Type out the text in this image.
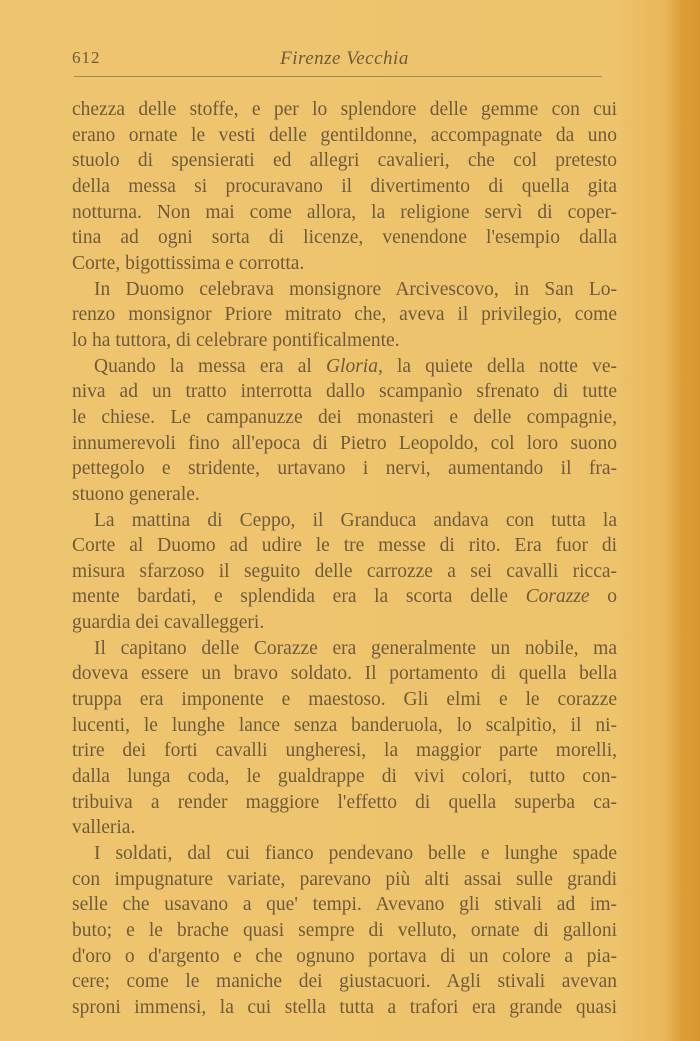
612	Firenze Vecchia
chezza delle stoffe, e per lo splendore delle gemme con cui
erano ornate le vesti delle gentildonne, accompagnate da uno
stuolo di spensierati ed allegri cavalieri, che col pretesto
della messa si procuravano il divertimento di quella gita
notturna. Non mai come allora, la religione servì di coper-
tina ad ogni sorta di licenze, venendone l'esempio dalla
Corte, bigottissima e corrotta.
In Duomo celebrava monsignore Arcivescovo, in San Lo-
renzo monsignor Priore mitrato che, aveva il privilegio, come
lo ha tuttora, di celebrare pontificalmente.
Quando la messa era al Gloria, la quiete della notte ve-
niva ad un tratto interrotta dallo scampanìo sfrenato di tutte
le chiese. Le campanuzze dei monasteri e delle compagnie,
innumerevoli fino all'epoca di Pietro Leopoldo, col loro suono
pettegolo e stridente, urtavano i nervi, aumentando il fra-
stuono generale.
La mattina di Ceppo, il Granduca andava con tutta la
Corte al Duomo ad udire le tre messe di rito. Era fuor di
misura sfarzoso il seguito delle carrozze a sei cavalli ricca-
mente bardati, e splendida era la scorta delle Corazze o
guardia dei cavalleggeri.
Il capitano delle Corazze era generalmente un nobile, ma
doveva essere un bravo soldato. Il portamento di quella bella
truppa era imponente e maestoso. Gli elmi e le corazze
lucenti, le lunghe lance senza banderuola, lo scalpitìo, il ni-
trire dei forti cavalli ungheresi, la maggior parte morelli,
dalla lunga coda, le gualdrappe di vivi colori, tutto con-
tribuiva a render maggiore l'effetto di quella superba ca-
valleria.
I soldati, dal cui fianco pendevano belle e lunghe spade
con impugnature variate, parevano più alti assai sulle grandi
selle che usavano a que' tempi. Avevano gli stivali ad im-
buto; e le brache quasi sempre di velluto, ornate di galloni
d'oro o d'argento e che ognuno portava di un colore a pia-
cere; come le maniche dei giustacuori. Agli stivali avevan
sproni immensi, la cui stella tutta a trafori era grande quasi
